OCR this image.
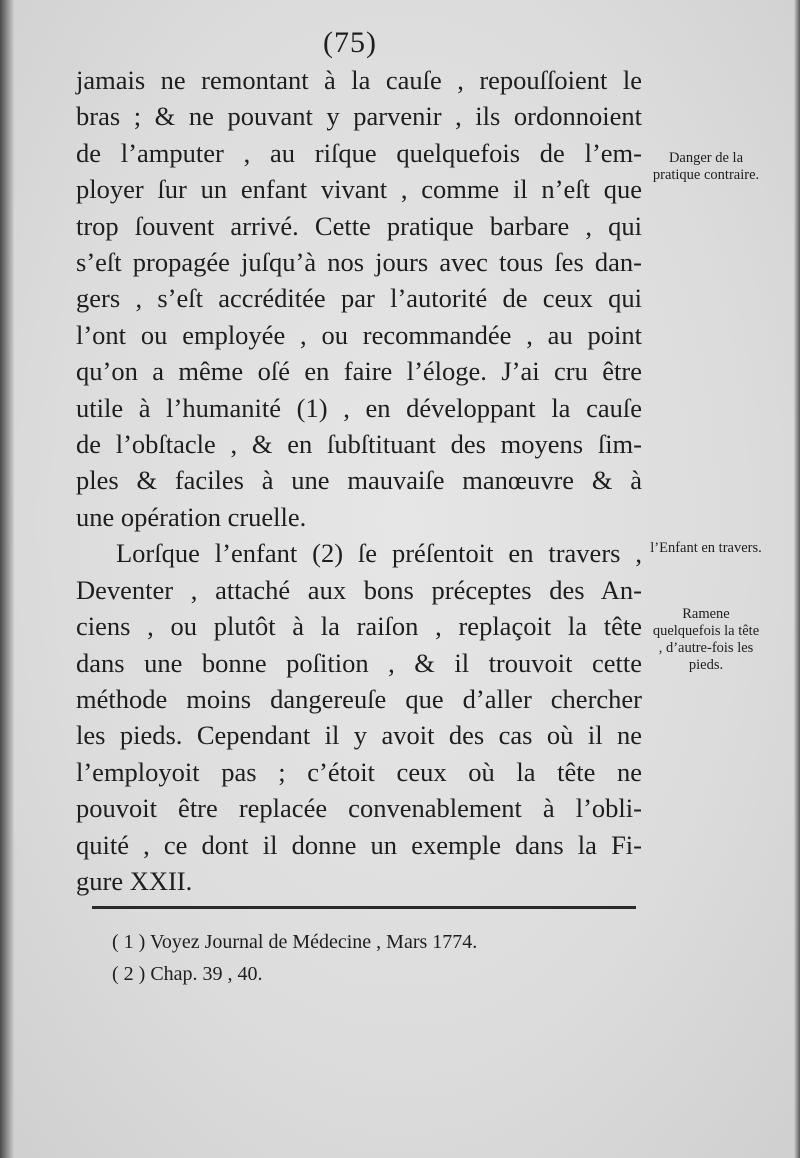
(75)
jamais ne remontant à la cauſe , repouſſoient le
bras ; & ne pouvant y parvenir , ils ordonnoient
de l’amputer , au riſque quelquefois de l’em-
ployer ſur un enfant vivant , comme il n’eſt que
trop ſouvent arrivé. Cette pratique barbare , qui
s’eſt propagée juſqu’à nos jours avec tous ſes dan-
gers , s’eſt accréditée par l’autorité de ceux qui
l’ont ou employée , ou recommandée , au point
qu’on a même oſé en faire l’éloge. J’ai cru être
utile à l’humanité (1) , en développant la cauſe
de l’obſtacle , & en ſubſtituant des moyens ſim-
ples & faciles à une mauvaiſe manœuvre & à
une opération cruelle.
Lorſque l’enfant (2) ſe préſentoit en travers ,
Deventer , attaché aux bons préceptes des An-
ciens , ou plutôt à la raiſon , replaçoit la tête
dans une bonne poſition , & il trouvoit cette
méthode moins dangereuſe que d’aller chercher
les pieds. Cependant il y avoit des cas où il ne
l’employoit pas ; c’étoit ceux où la tête ne
pouvoit être replacée convenablement à l’obli-
quité , ce dont il donne un exemple dans la Fi-
gure XXII.
Danger de la pratique contraire.
l’Enfant en travers.
Ramene quelquefois la tête , d’autre-fois les pieds.
( 1 ) Voyez Journal de Médecine , Mars 1774.
( 2 ) Chap. 39 , 40.
